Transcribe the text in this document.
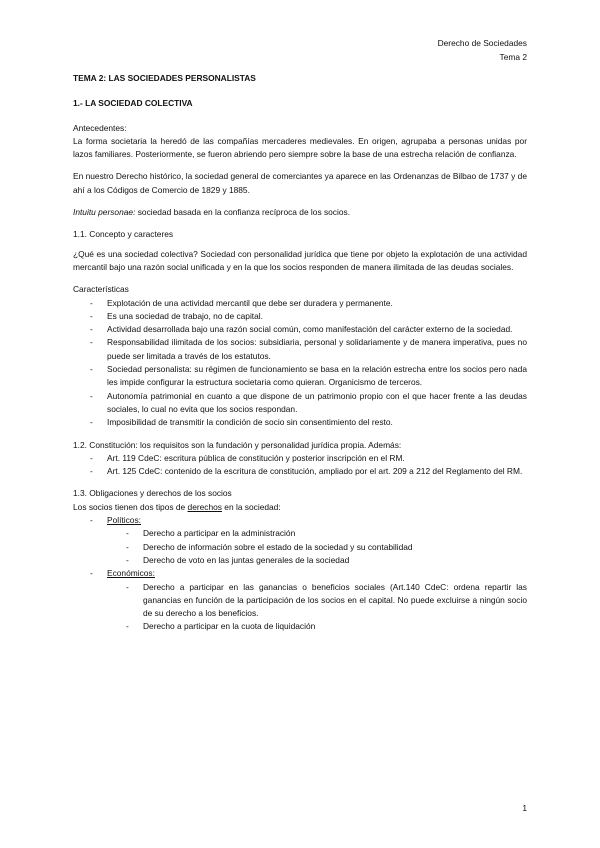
Derecho de Sociedades
Tema 2
TEMA 2: LAS SOCIEDADES PERSONALISTAS
1.- LA SOCIEDAD COLECTIVA
Antecedentes:

La forma societaria la heredó de las compañías mercaderes medievales. En origen, agrupaba a personas unidas por lazos familiares. Posteriormente, se fueron abriendo pero siempre sobre la base de una estrecha relación de confianza.

En nuestro Derecho histórico, la sociedad general de comerciantes ya aparece en las Ordenanzas de Bilbao de 1737 y de ahí a los Códigos de Comercio de 1829 y 1885.

Intuitu personae: sociedad basada en la confianza recíproca de los socios.

1.1. Concepto y caracteres

¿Qué es una sociedad colectiva? Sociedad con personalidad jurídica que tiene por objeto la explotación de una actividad mercantil bajo una razón social unificada y en la que los socios responden de manera ilimitada de las deudas sociales.

Características
- Explotación de una actividad mercantil que debe ser duradera y permanente.
- Es una sociedad de trabajo, no de capital.
- Actividad desarrollada bajo una razón social común, como manifestación del carácter externo de la sociedad.
- Responsabilidad ilimitada de los socios: subsidiaria, personal y solidariamente y de manera imperativa, pues no puede ser limitada a través de los estatutos.
- Sociedad personalista: su régimen de funcionamiento se basa en la relación estrecha entre los socios pero nada les impide configurar la estructura societaria como quieran. Organicismo de terceros.
- Autonomía patrimonial en cuanto a que dispone de un patrimonio propio con el que hacer frente a las deudas sociales, lo cual no evita que los socios respondan.
- Imposibilidad de transmitir la condición de socio sin consentimiento del resto.
1.2. Constitución: los requisitos son la fundación y personalidad jurídica propia. Además:
- Art. 119 CdeC: escritura pública de constitución y posterior inscripción en el RM.
- Art. 125 CdeC: contenido de la escritura de constitución, ampliado por el art. 209 a 212 del Reglamento del RM.
1.3. Obligaciones y derechos de los socios
Los socios tienen dos tipos de derechos en la sociedad:
- Políticos:
- Derecho a participar en la administración
- Derecho de información sobre el estado de la sociedad y su contabilidad
- Derecho de voto en las juntas generales de la sociedad
- Económicos:
- Derecho a participar en las ganancias o beneficios sociales (Art.140 CdeC: ordena repartir las ganancias en función de la participación de los socios en el capital. No puede excluirse a ningún socio de su derecho a los beneficios.
- Derecho a participar en la cuota de liquidación
1
